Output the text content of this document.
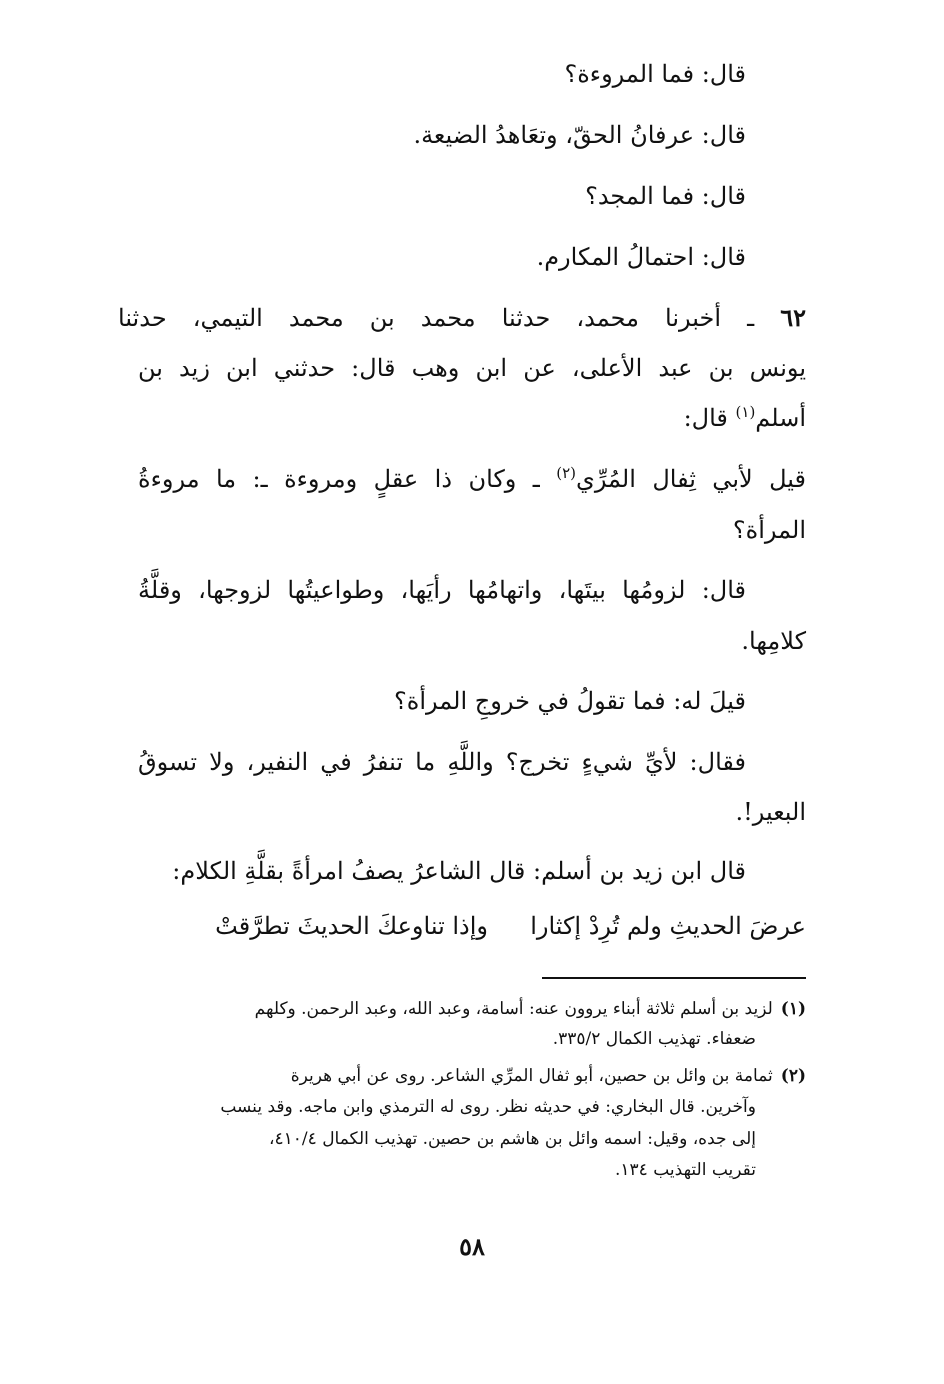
قال: فما المروءة؟
قال: عرفانُ الحقّ، وتعَاهدُ الضيعة.
قال: فما المجد؟
قال: احتمالُ المكارم.
٦٢ ـ أخبرنا محمد، حدثنا محمد بن محمد التيمي، حدثنا
يونس بن عبد الأعلى، عن ابن وهب قال: حدثني ابن زيد بن
أسلم$^{(١)}$ قال:
قيل لأبي ثِفال المُرِّي$^{(٢)}$ ـ وكان ذا عقلٍ ومروءة ـ: ما مروءةُ
المرأة؟
قال: لزومُها بيتَها، واتهامُها رأيَها، وطواعيتُها لزوجها، وقلَّةُ
كلامِها.
قيلَ له: فما تقولُ في خروجِ المرأة؟
فقال: لأيِّ شيءٍ تخرج؟ واللَّهِ ما تنفرُ في النفير، ولا تسوقُ
البعير!.
قال ابن زيد بن أسلم: قال الشاعرُ يصفُ امرأةً بقلَّةِ الكلام:
وإذا تناوعكَ الحديثَ تطرَّقتْ عرضَ الحديثِ ولم تُرِدْ إكثارا
(١)لزيد بن أسلم ثلاثة أبناء يروون عنه: أسامة، وعبد الله، وعبد الرحمن. وكلهم
ضعفاء. تهذيب الكمال ٣٣٥/٢.
(٢)ثمامة بن وائل بن حصين، أبو ثفال المرِّي الشاعر. روى عن أبي هريرة
وآخرين. قال البخاري: في حديثه نظر. روى له الترمذي وابن ماجه. وقد ينسب
إلى جده، وقيل: اسمه وائل بن هاشم بن حصين. تهذيب الكمال ٤١٠/٤،
تقريب التهذيب ١٣٤.
٥٨
